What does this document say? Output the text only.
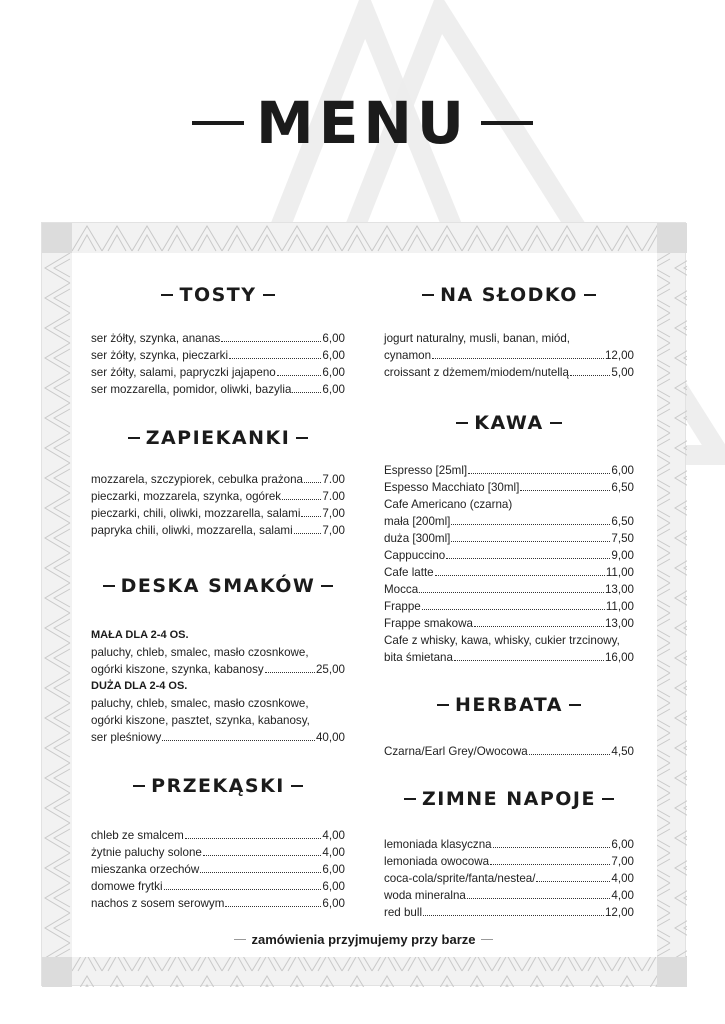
MENU
TOSTY
ser żółty, szynka, ananas	6,00
ser żółty, szynka, pieczarki	6,00
ser żółty, salami, papryczki jajapeno	6,00
ser mozzarella, pomidor, oliwki, bazylia	6,00
ZAPIEKANKI
mozzarela, szczypiorek, cebulka prażona 7.00
pieczarki, mozzarela, szynka, ogórek	7.00
pieczarki, chili, oliwki, mozzarella, salami 7,00
papryka chili, oliwki, mozzarella, salami	7,00
DESKA SMAKÓW
MAŁA DLA 2-4 OS.
paluchy, chleb, smalec, masło czosnkowe,
ogórki kiszone, szynka, kabanosy	25,00
DUŻA DLA 2-4 OS.
paluchy, chleb, smalec, masło czosnkowe,
ogórki kiszone, pasztet, szynka, kabanosy,
ser pleśniowy	40,00
PRZEKĄSKI
chleb ze smalcem	4,00
żytnie paluchy solone	4,00
mieszanka orzechów	6,00
domowe frytki	6,00
nachos z sosem serowym	6,00
NA SŁODKO
jogurt naturalny, musli, banan, miód,
cynamon	12,00
croissant z dżemem/miodem/nutellą	5,00
KAWA
Espresso [25ml]	6,00
Espesso Macchiato [30ml]	6,50
Cafe Americano (czarna)
mała [200ml]	6,50
duża [300ml]	7,50
Cappuccino	9,00
Cafe latte	11,00
Mocca	13,00
Frappe	11,00
Frappe smakowa	13,00
Cafe z whisky, kawa, whisky, cukier trzcinowy,
bita śmietana	16,00
HERBATA
Czarna/Earl Grey/Owocowa	4,50
ZIMNE NAPOJE
lemoniada klasyczna	6,00
lemoniada owocowa	7,00
coca-cola/sprite/fanta/nestea/	4,00
woda mineralna	4,00
red bull	12,00
zamówienia przyjmujemy przy barze
